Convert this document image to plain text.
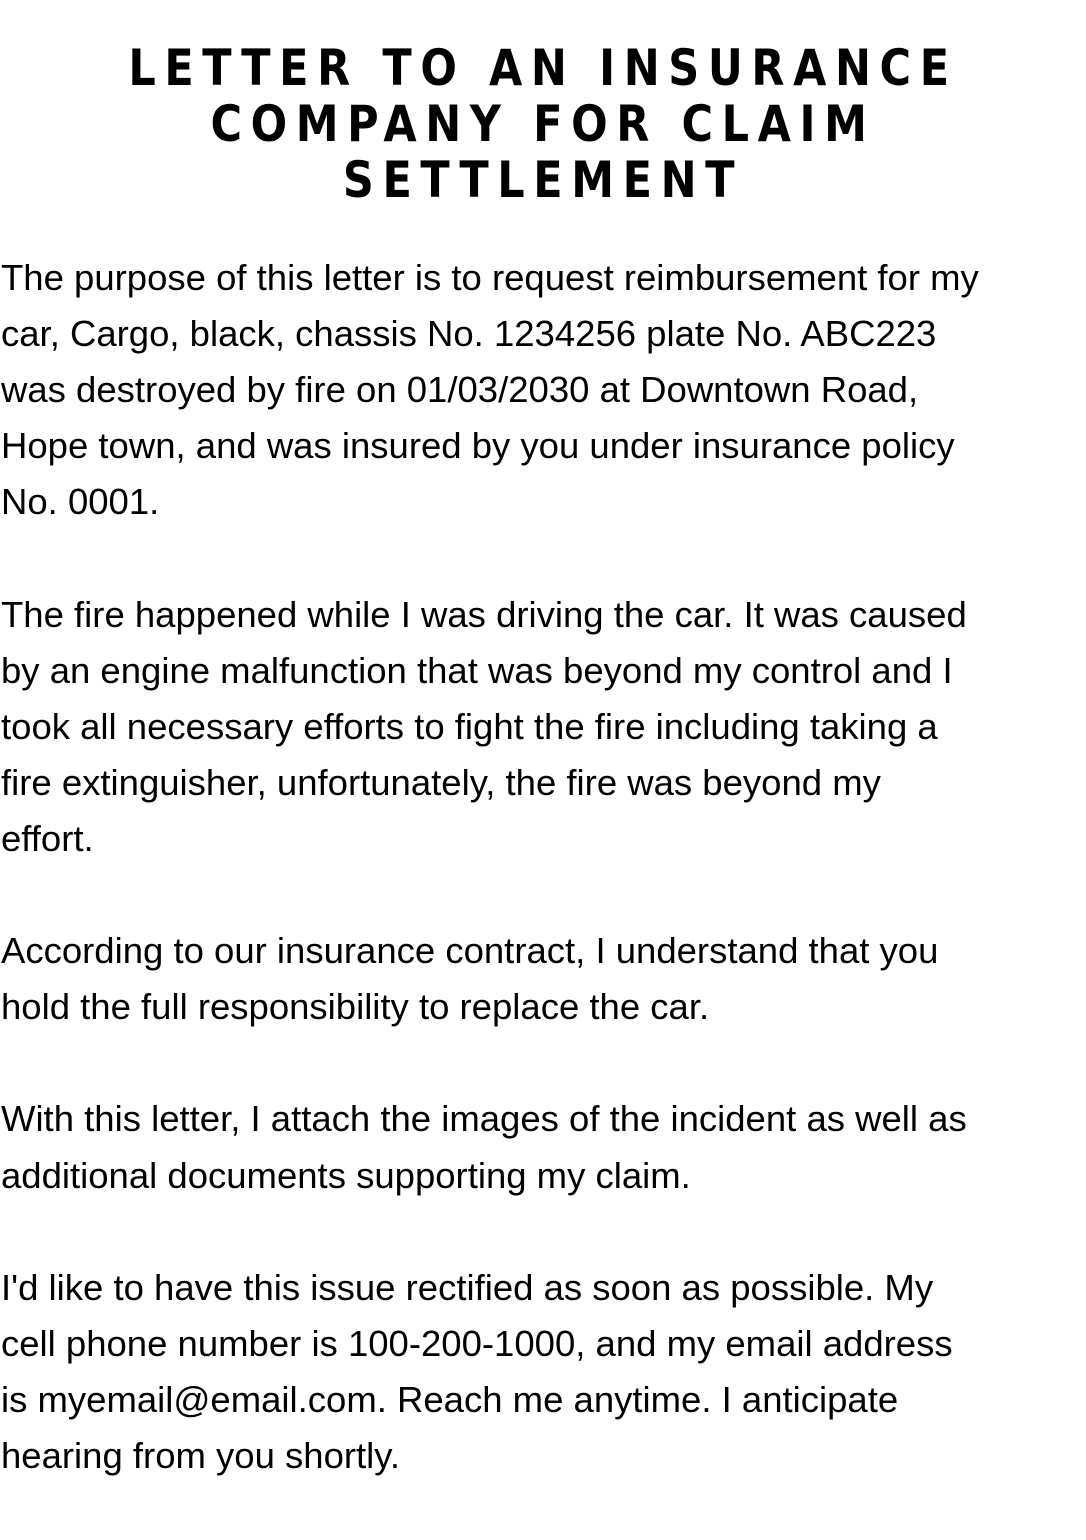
LETTER TO AN INSURANCE
COMPANY FOR CLAIM
SETTLEMENT

The purpose of this letter is to request reimbursement for my
car, Cargo, black, chassis No. 1234256 plate No. ABC223
was destroyed by fire on 01/03/2030 at Downtown Road,
Hope town, and was insured by you under insurance policy
No. 0001.

The fire happened while I was driving the car. It was caused
by an engine malfunction that was beyond my control and I
took all necessary efforts to fight the fire including taking a
fire extinguisher, unfortunately, the fire was beyond my
effort.

According to our insurance contract, I understand that you
hold the full responsibility to replace the car.

With this letter, I attach the images of the incident as well as
additional documents supporting my claim.

I'd like to have this issue rectified as soon as possible. My
cell phone number is 100-200-1000, and my email address
is myemail@email.com. Reach me anytime. I anticipate
hearing from you shortly.
